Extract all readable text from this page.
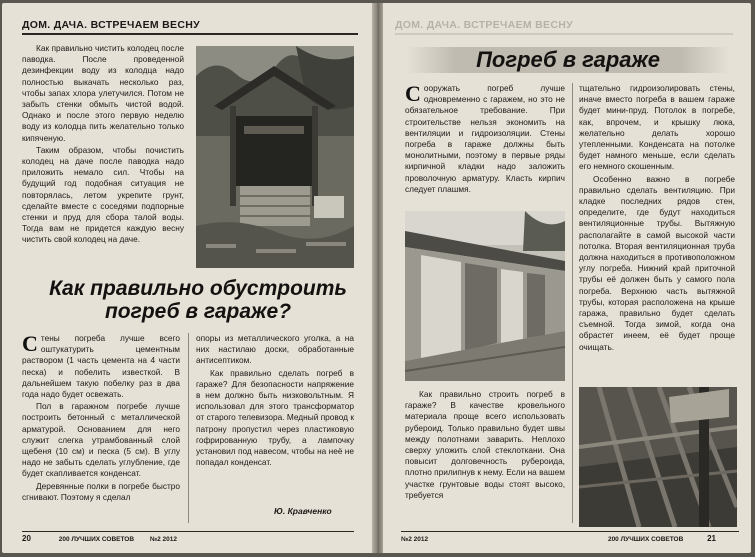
ДОМ. ДАЧА. ВСТРЕЧАЕМ ВЕСНУ

Как правильно чистить колодец после паводка. После проведенной дезинфекции воду из колодца надо полностью выкачать несколько раз, чтобы запах хлора улетучился. Потом не забыть стенки обмыть чистой водой. Однако и после этого первую неделю воду из колодца пить желательно только кипяченую.

Таким образом, чтобы почистить колодец на даче после паводка надо приложить немало сил. Чтобы на будущий год подобная ситуация не повторялась, летом укрепите грунт, сделайте вместе с соседями подпорные стенки и пруд для сбора талой воды. Тогда вам не придется каждую весну чистить свой колодец на даче.

Как правильно обустроить погреб в гараже?
С тены погреба лучше всего оштукатурить цементным раствором (1 часть цемента на 4 части песка) и побелить известкой. В дальнейшем такую побелку раз в два года надо будет освежать.

Пол в гаражном погребе лучше построить бетонный с металлической арматурой. Основанием для него служит слегка утрамбованный слой щебеня (10 см) и песка (5 см). В углу надо не забыть сделать углубление, где будет скапливается конденсат.

Деревянные полки в погребе быстро сгнивают. Поэтому я сделал

опоры из металлического уголка, а на них настилаю доски, обработанные антисептиком.

Как правильно сделать погреб в гараже? Для безопасности напряжение в нем должно быть низковольтным. Я использовал для этого трансформатор от старого телевизора. Медный провод к патрону пропустил через пластиковую гофрированную трубу, а лампочку установил под навесом, чтобы на неё не попадал конденсат.

Ю. Кравченко
20	200 ЛУЧШИХ СОВЕТОВ №2 2012
ДОМ. ДАЧА. ВСТРЕЧАЕМ ВЕСНУ
Погреб в гараже
С ооружать погреб лучше одновременно с гаражем, но это не обязательное требование. При строительстве нельзя экономить на вентиляции и гидроизоляции. Стены погреба в гараже должны быть монолитными, поэтому в первые ряды кирпичной кладки надо заложить проволочную арматуру. Класть кирпич следует плашмя.

Как правильно строить погреб в гараже? В качестве кровельного материала проще всего использовать рубероид. Только правильно будет швы между полотнами заварить. Неплохо сверху уложить слой стеклоткани. Она повысит долговечность рубероида, плотно прилипнув к нему. Если на вашем участке грунтовые воды стоят высоко, требуется

тщательно гидроизолировать стены, иначе вместо погреба в вашем гараже будет мини-пруд. Потолок в погребе, как, впрочем, и крышку люка, желательно делать хорошо утепленными. Конденсата на потолке будет намного меньше, если сделать его немного скошенным.

Особенно важно в погребе правильно сделать вентиляцию. При кладке последних рядов стен, определите, где будут находиться вентиляционные трубы. Вытяжную располагайте в самой высокой части потолка. Вторая вентиляционная труба должна находиться в противоположном углу погреба. Нижний край приточной трубы её должен быть у самого пола погреба. Верхнюю часть вытяжной трубы, которая расположена на крыше гаража, правильно будет сделать съемной. Тогда зимой, когда она обрастет инеем, её будет проще очищать.

№2 2012	200 ЛУЧШИХ СОВЕТОВ	21
